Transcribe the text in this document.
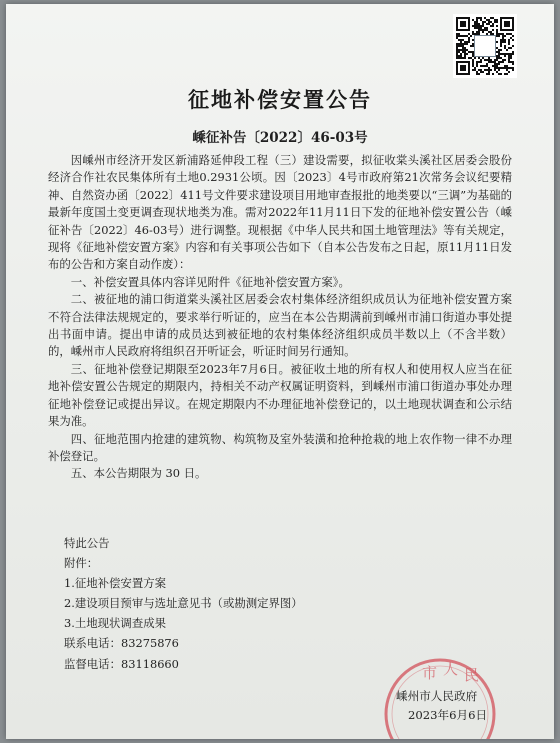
征地补偿安置公告
嵊征补告〔2022〕46-03号

因嵊州市经济开发区新浦路延伸段工程（三）建设需要，拟征收棠头溪社区居委会股份经济合作社农民集体所有土地0.2931公顷。因〔2023〕4号市政府第21次常务会议纪要精神、自然资办函〔2022〕411号文件要求建设项目用地审查报批的地类要以“三调”为基础的最新年度国土变更调查现状地类为准。需对2022年11月11日下发的征地补偿安置公告（嵊征补告〔2022〕46-03号）进行调整。现根据《中华人民共和国土地管理法》等有关规定，现将《征地补偿安置方案》内容和有关事项公告如下（自本公告发布之日起，原11月11日发布的公告和方案自动作废）：

一、补偿安置具体内容详见附件《征地补偿安置方案》。

二、被征地的浦口街道棠头溪社区居委会农村集体经济组织成员认为征地补偿安置方案不符合法律法规规定的，要求举行听证的，应当在本公告期满前到嵊州市浦口街道办事处提出书面申请。提出申请的成员达到被征地的农村集体经济组织成员半数以上（不含半数）的，嵊州市人民政府将组织召开听证会，听证时间另行通知。

三、征地补偿登记期限至2023年7月6日。被征收土地的所有权人和使用权人应当在征地补偿安置公告规定的期限内，持相关不动产权属证明资料，到嵊州市浦口街道办事处办理征地补偿登记或提出异议。在规定期限内不办理征地补偿登记的，以土地现状调查和公示结果为准。

四、征地范围内抢建的建筑物、构筑物及室外装潢和抢种抢栽的地上农作物一律不办理补偿登记。

五、本公告期限为 30 日。

特此公告
附件：
1.征地补偿安置方案
2.建设项目预审与选址意见书（或勘测定界图）
3.土地现状调查成果
联系电话：83275876
监督电话：83118660	市 人 民
嵊州市人民政府
2023年6月6日
